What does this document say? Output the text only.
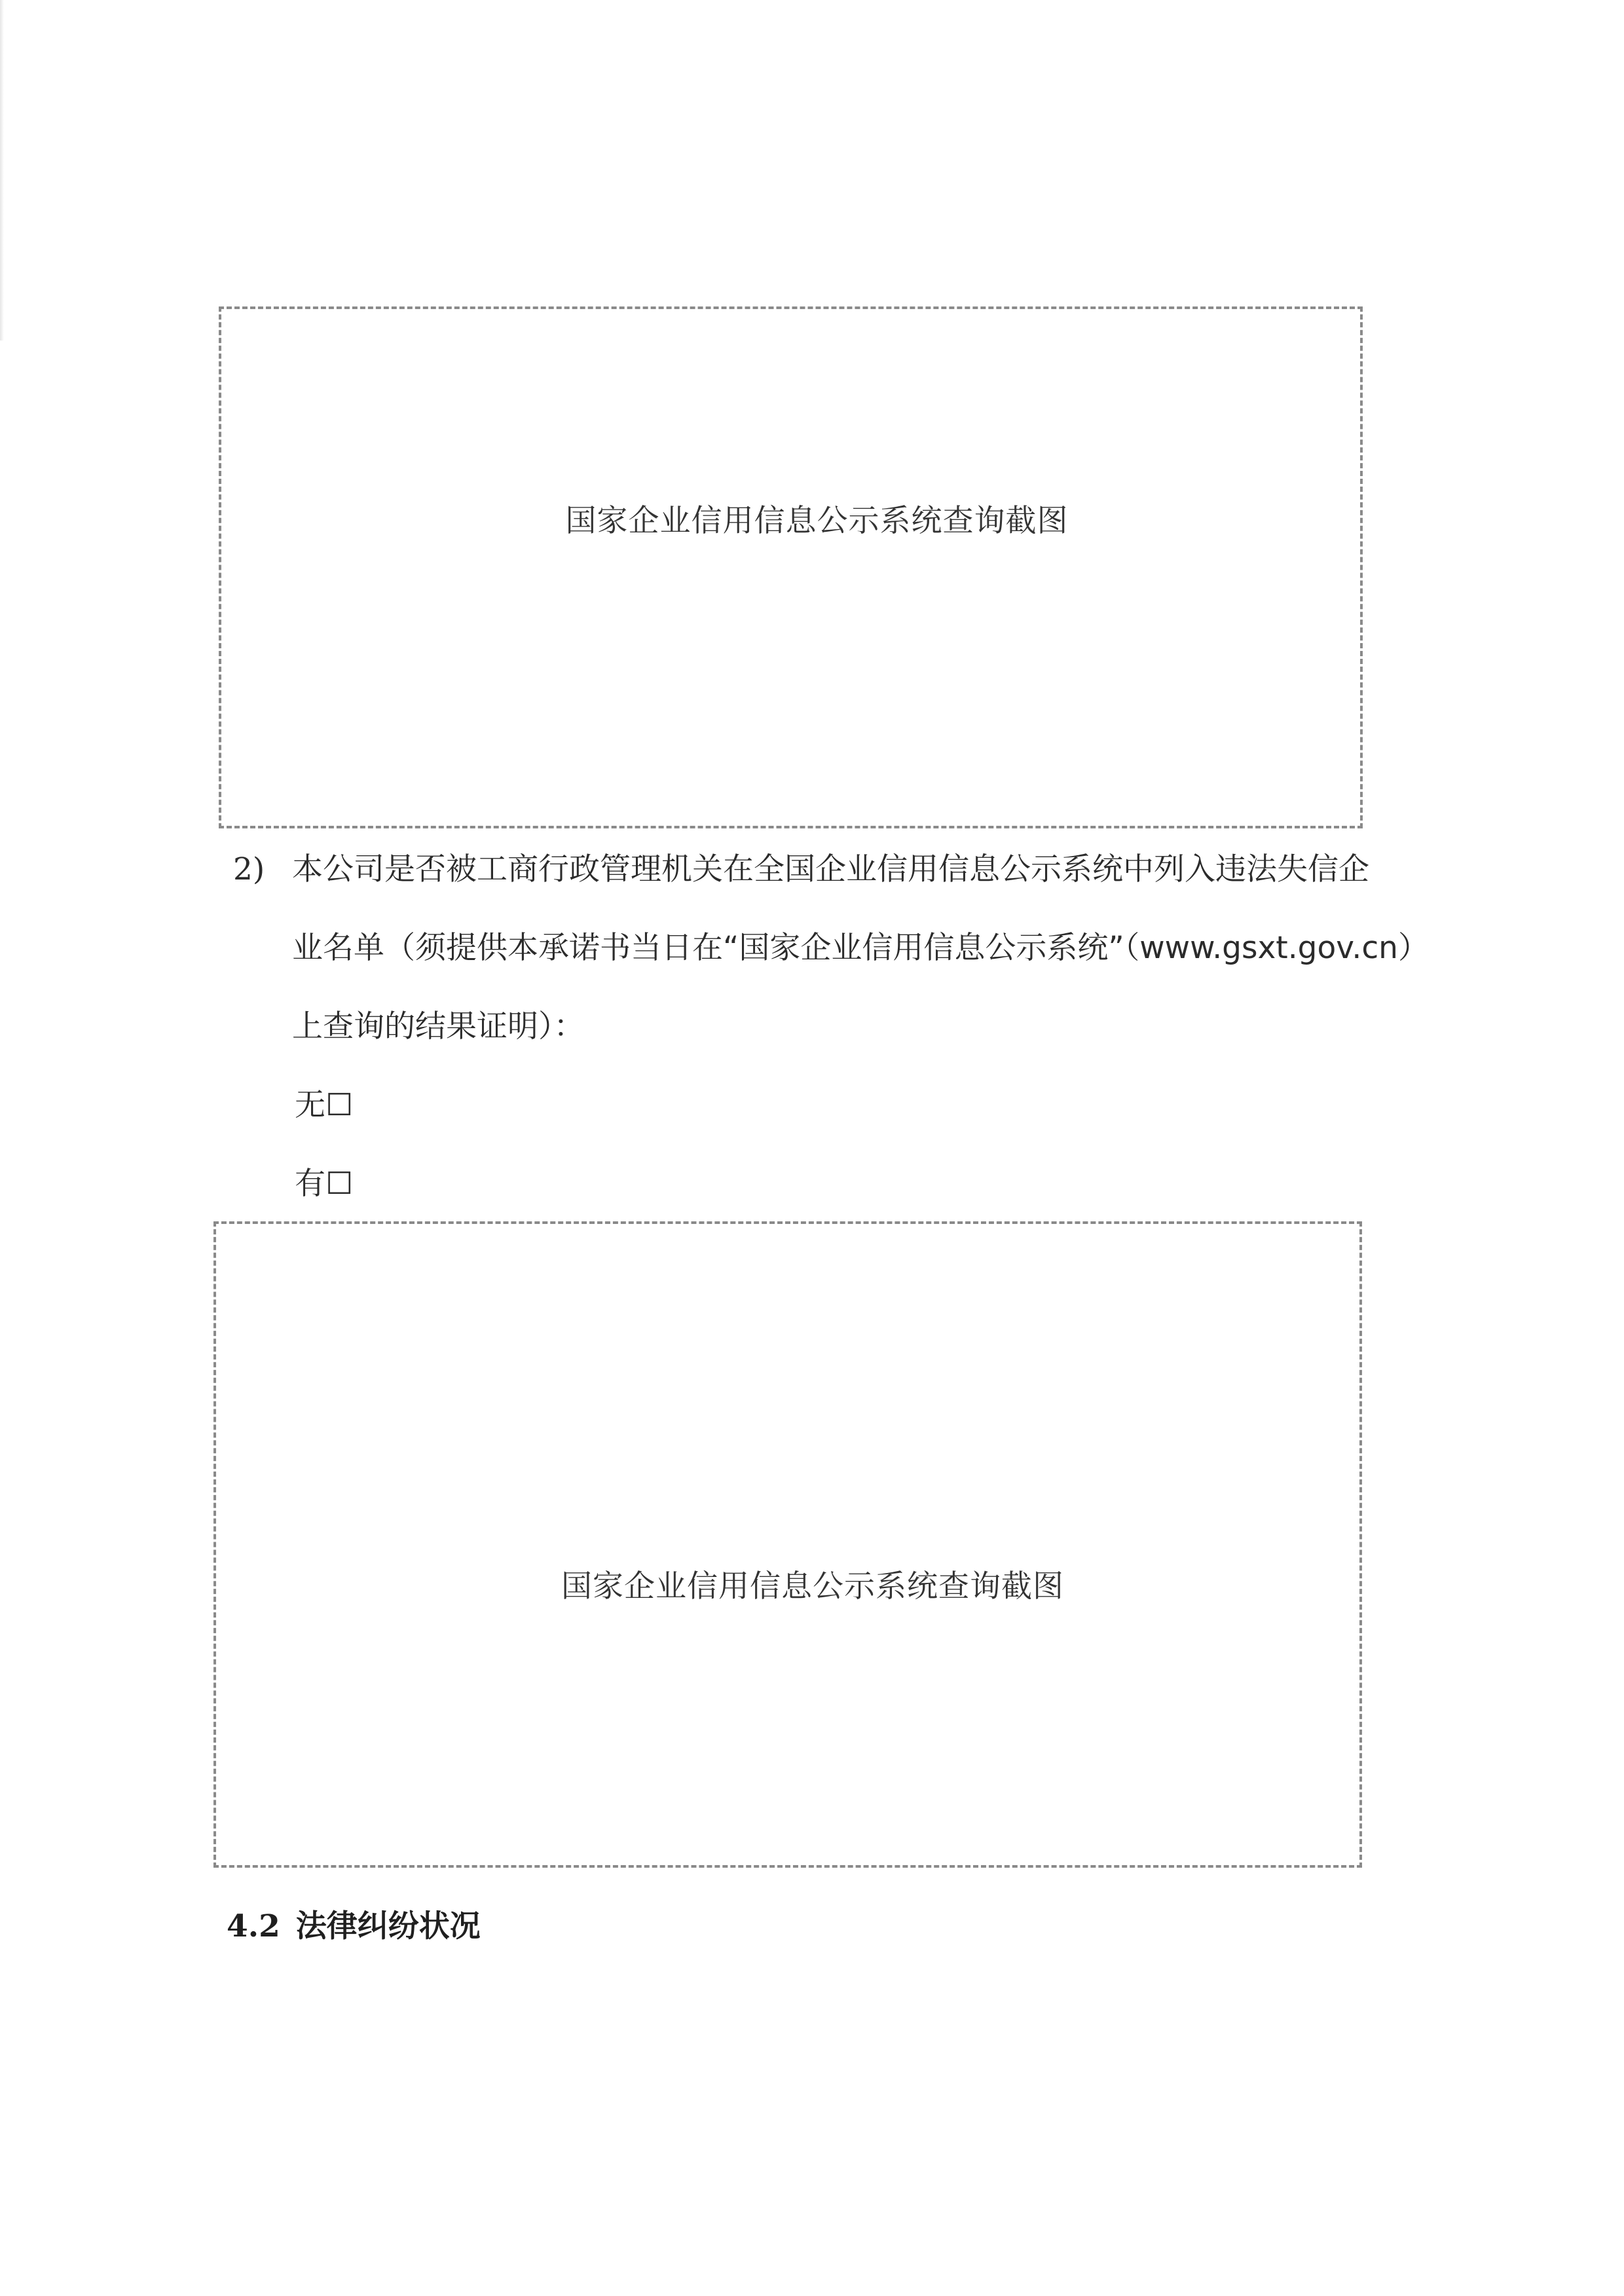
国家企业信用信息公示系统查询截图
2) 本公司是否被工商行政管理机关在全国企业信用信息公示系统中列入违法失信企
业名单（须提供本承诺书当日在“国家企业信用信息公示系统”（www.gsxt.gov.cn）
上查询的结果证明）：
无☐
有☐
国家企业信用信息公示系统查询截图
4.2 法律纠纷状况
